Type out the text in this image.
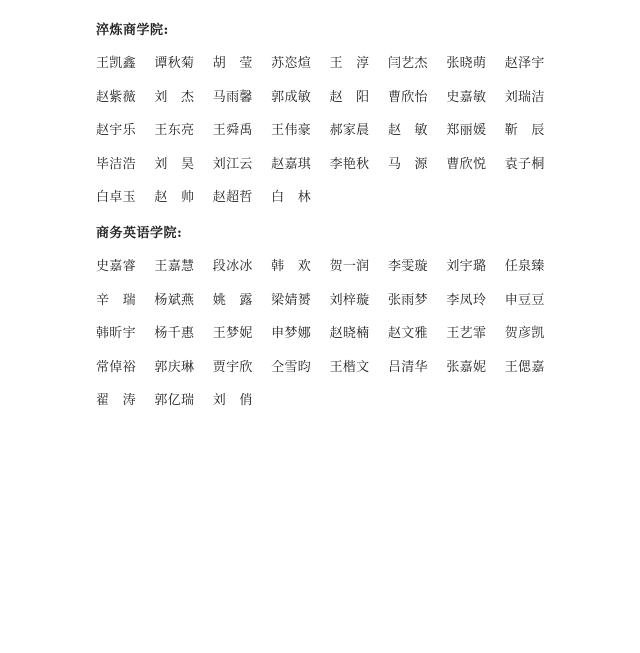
淬炼商学院:
王凯鑫	谭秋菊	胡　莹	苏恣煊	王　淳	闫艺杰	张晓萌	赵泽宇
赵紫薇	刘　杰	马雨馨	郭成敏	赵　阳	曹欣怡	史嘉敏	刘瑞洁
赵宇乐	王东亮	王舜禹	王伟豪	郝家晨	赵　敏	郑丽媛	靳　辰
毕洁浩	刘　昊	刘江云	赵嘉琪	李艳秋	马　源	曹欣悦	袁子桐
白卓玉	赵　帅	赵超哲	白　林
商务英语学院:
史嘉睿	王嘉慧	段冰冰	韩　欢	贺一润	李雯璇	刘宇璐	任泉臻
辛　瑞	杨斌燕	姚　露	梁婧赟	刘梓璇	张雨梦	李凤玲	申豆豆
韩昕宇	杨千惠	王梦妮	申梦娜	赵晓楠	赵文雅	王艺霏	贺彦凯
常倬裕	郭庆琳	贾宇欣	仝雪昀	王楷文	吕清华	张嘉妮	王偲嘉
翟　涛	郭亿瑞	刘　俏
